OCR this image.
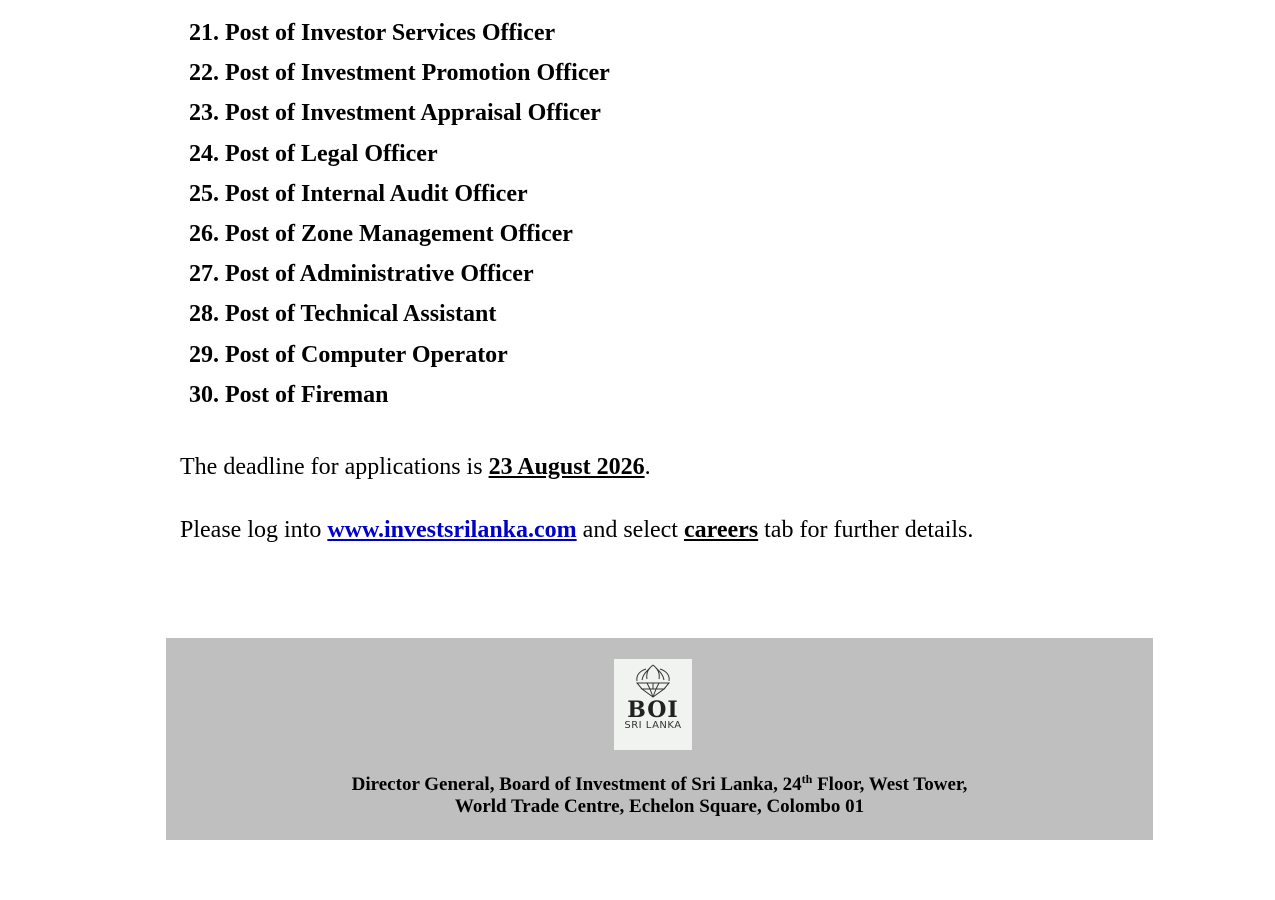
21. Post of Investor Services Officer
22. Post of Investment Promotion Officer
23. Post of Investment Appraisal Officer
24. Post of Legal Officer
25. Post of Internal Audit Officer
26. Post of Zone Management Officer
27. Post of Administrative Officer
28. Post of Technical Assistant
29. Post of Computer Operator
30. Post of Fireman

The deadline for applications is 23 August 2026.

Please log into www.investsrilanka.com and select careers tab for further details.

BOI
SRI LANKA
Director General, Board of Investment of Sri Lanka, 24th Floor, West Tower,
World Trade Centre, Echelon Square, Colombo 01
